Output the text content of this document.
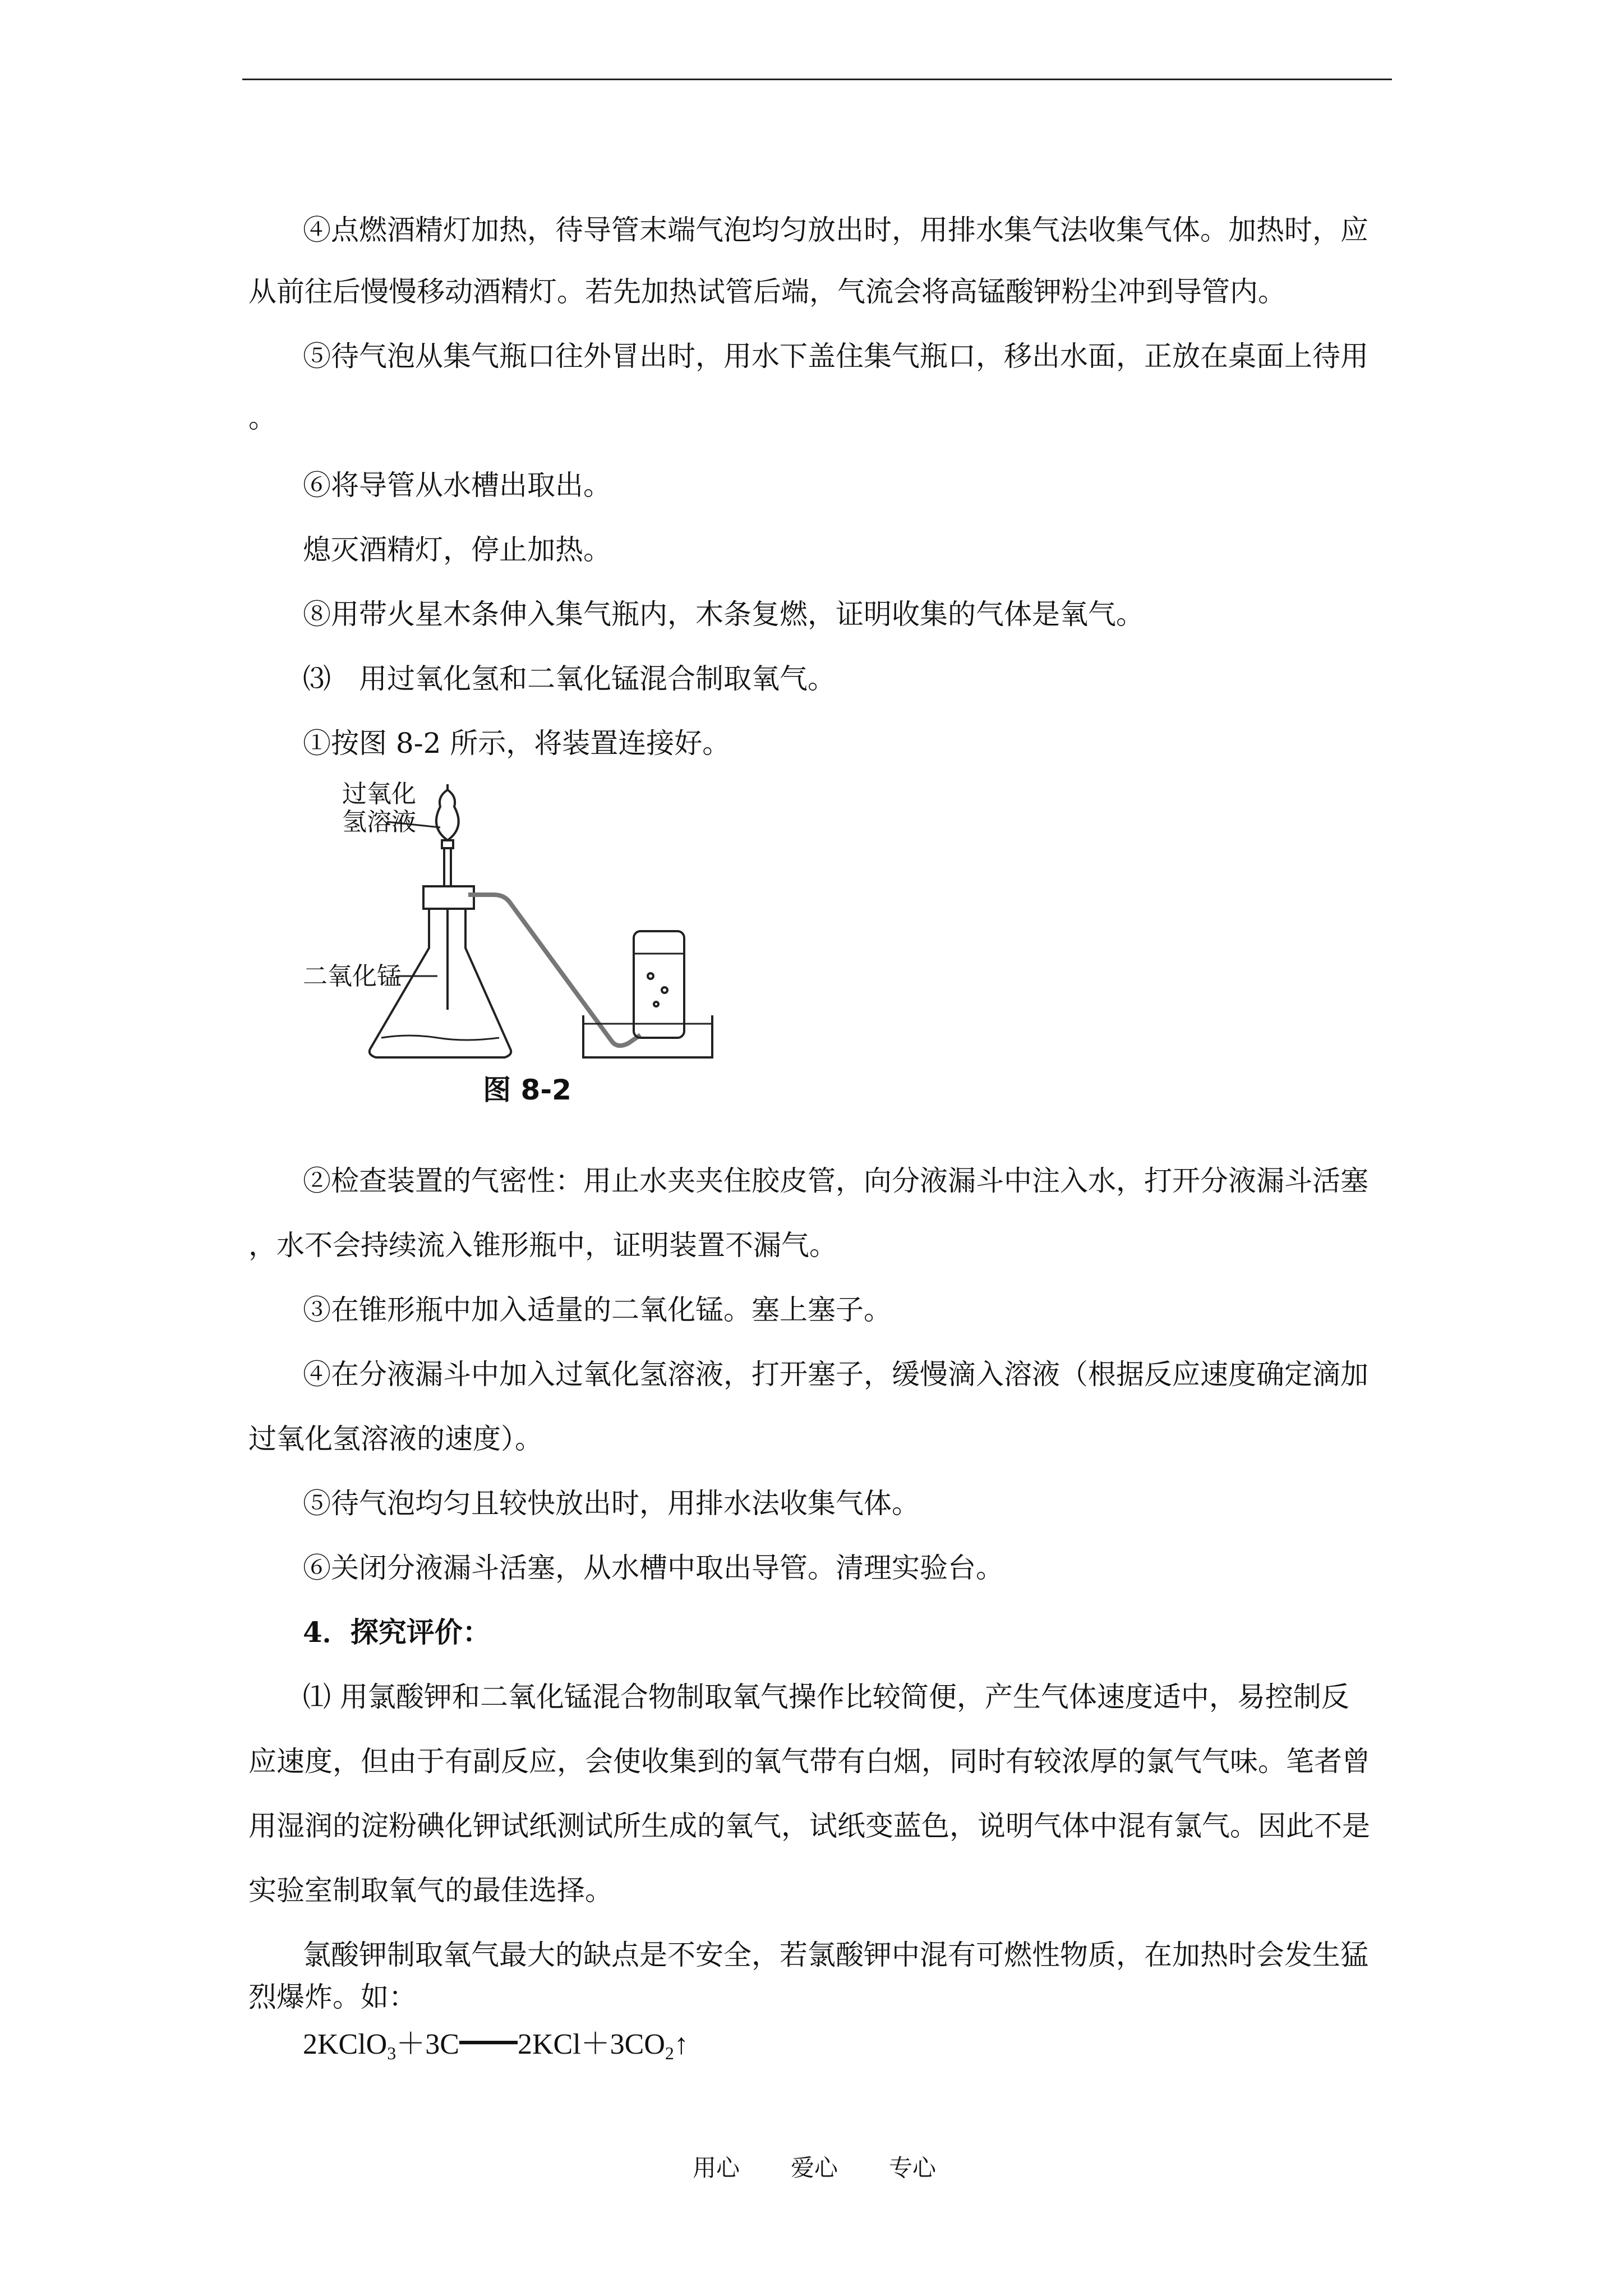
④点燃酒精灯加热，待导管末端气泡均匀放出时，用排水集气法收集气体。加热时，应
从前往后慢慢移动酒精灯。若先加热试管后端，气流会将高锰酸钾粉尘冲到导管内。
⑤待气泡从集气瓶口往外冒出时，用水下盖住集气瓶口，移出水面，正放在桌面上待用
。
⑥将导管从水槽出取出。
熄灭酒精灯，停止加热。
⑧用带火星木条伸入集气瓶内，木条复燃，证明收集的气体是氧气。
⑶　用过氧化氢和二氧化锰混合制取氧气。
①按图 8-2 所示，将装置连接好。
过氧化
氢溶液
二氧化锰
图 8-2
②检查装置的气密性：用止水夹夹住胶皮管，向分液漏斗中注入水，打开分液漏斗活塞
，水不会持续流入锥形瓶中，证明装置不漏气。
③在锥形瓶中加入适量的二氧化锰。塞上塞子。
④在分液漏斗中加入过氧化氢溶液，打开塞子，缓慢滴入溶液（根据反应速度确定滴加
过氧化氢溶液的速度）。
⑤待气泡均匀且较快放出时，用排水法收集气体。
⑥关闭分液漏斗活塞，从水槽中取出导管。清理实验台。
4．探究评价：
⑴ 用氯酸钾和二氧化锰混合物制取氧气操作比较简便，产生气体速度适中，易控制反
应速度，但由于有副反应，会使收集到的氧气带有白烟，同时有较浓厚的氯气气味。笔者曾
用湿润的淀粉碘化钾试纸测试所生成的氧气，试纸变蓝色，说明气体中混有氯气。因此不是
实验室制取氧气的最佳选择。
氯酸钾制取氧气最大的缺点是不安全，若氯酸钾中混有可燃性物质，在加热时会发生猛
烈爆炸。如：
$2KClO_3+3C━━2KCl+3CO_2↑$
用心 爱心 专心
